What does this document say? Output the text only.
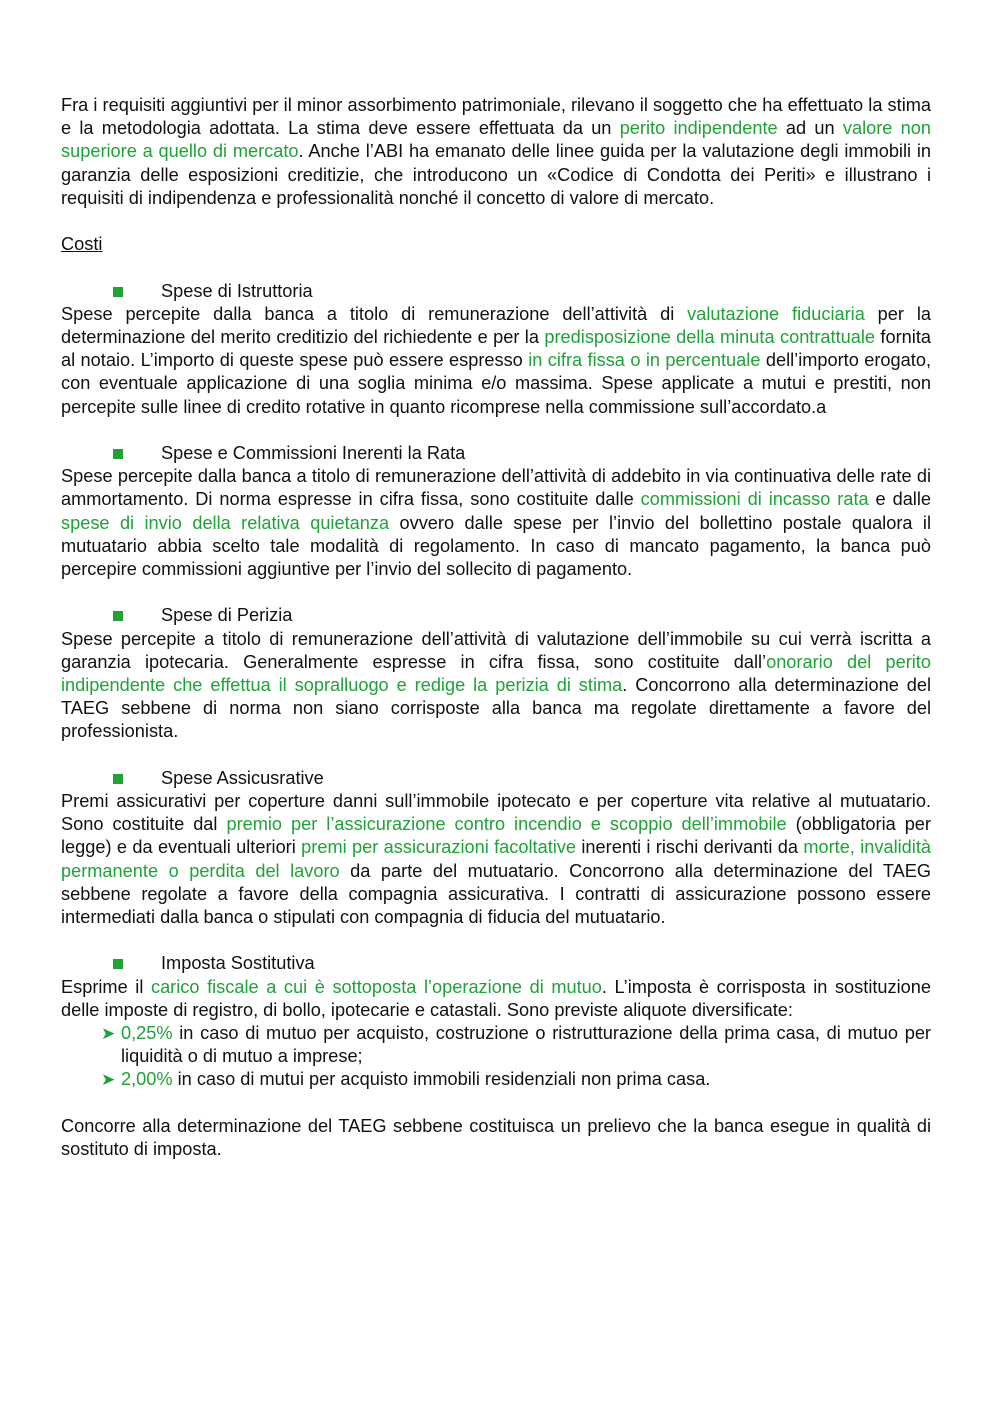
Fra i requisiti aggiuntivi per il minor assorbimento patrimoniale, rilevano il soggetto che ha effettuato la stima e la metodologia adottata. La stima deve essere effettuata da un perito indipendente ad un valore non superiore a quello di mercato. Anche l’ABI ha emanato delle linee guida per la valutazione degli immobili in garanzia delle esposizioni creditizie, che introducono un «Codice di Condotta dei Periti» e illustrano i requisiti di indipendenza e professionalità nonché il concetto di valore di mercato.

Costi

Spese di Istruttoria

Spese percepite dalla banca a titolo di remunerazione dell’attività di valutazione fiduciaria per la determinazione del merito creditizio del richiedente e per la predisposizione della minuta contrattuale fornita al notaio. L’importo di queste spese può essere espresso in cifra fissa o in percentuale dell’importo erogato, con eventuale applicazione di una soglia minima e/o massima. Spese applicate a mutui e prestiti, non percepite sulle linee di credito rotative in quanto ricomprese nella commissione sull’accordato.a

Spese e Commissioni Inerenti la Rata

Spese percepite dalla banca a titolo di remunerazione dell’attività di addebito in via continuativa delle rate di ammortamento. Di norma espresse in cifra fissa, sono costituite dalle commissioni di incasso rata e dalle spese di invio della relativa quietanza ovvero dalle spese per l’invio del bollettino postale qualora il mutuatario abbia scelto tale modalità di regolamento. In caso di mancato pagamento, la banca può percepire commissioni aggiuntive per l’invio del sollecito di pagamento.

Spese di Perizia

Spese percepite a titolo di remunerazione dell’attività di valutazione dell’immobile su cui verrà iscritta a garanzia ipotecaria. Generalmente espresse in cifra fissa, sono costituite dall’onorario del perito indipendente che effettua il sopralluogo e redige la perizia di stima. Concorrono alla determinazione del TAEG sebbene di norma non siano corrisposte alla banca ma regolate direttamente a favore del professionista.

Spese Assicusrative

Premi assicurativi per coperture danni sull’immobile ipotecato e per coperture vita relative al mutuatario. Sono costituite dal premio per l’assicurazione contro incendio e scoppio dell’immobile (obbligatoria per legge) e da eventuali ulteriori premi per assicurazioni facoltative inerenti i rischi derivanti da morte, invalidità permanente o perdita del lavoro da parte del mutuatario. Concorrono alla determinazione del TAEG sebbene regolate a favore della compagnia assicurativa. I contratti di assicurazione possono essere intermediati dalla banca o stipulati con compagnia di fiducia del mutuatario.

Imposta Sostitutiva

Esprime il carico fiscale a cui è sottoposta l’operazione di mutuo. L’imposta è corrisposta in sostituzione delle imposte di registro, di bollo, ipotecarie e catastali. Sono previste aliquote diversificate:

➤ 0,25% in caso di mutuo per acquisto, costruzione o ristrutturazione della prima casa, di mutuo per liquidità o di mutuo a imprese;
➤ 2,00% in caso di mutui per acquisto immobili residenziali non prima casa.

Concorre alla determinazione del TAEG sebbene costituisca un prelievo che la banca esegue in qualità di sostituto di imposta.
